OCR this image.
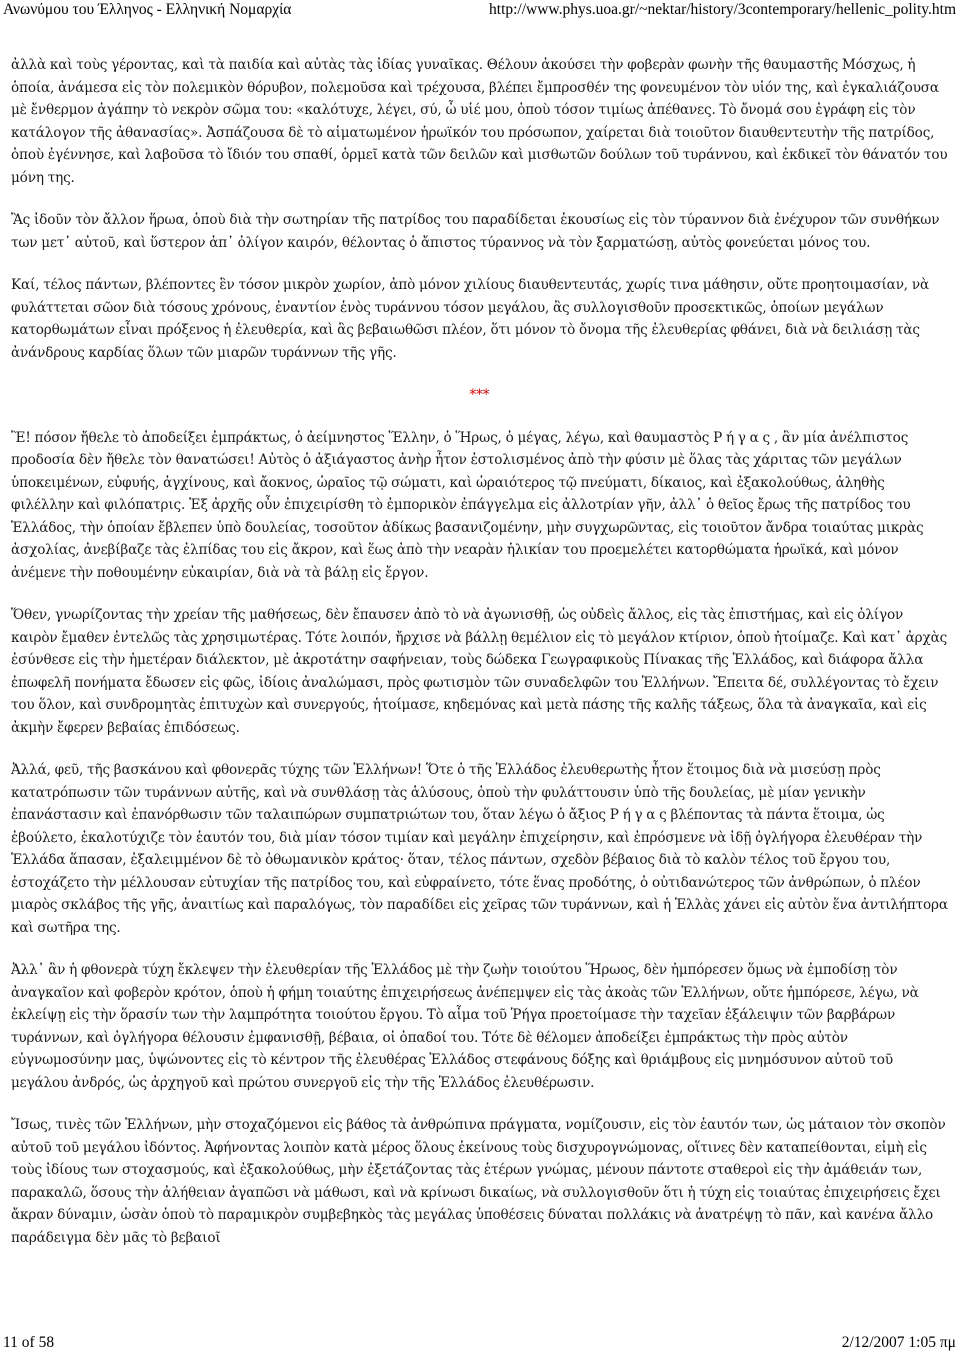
Ανωνύμου του Έλληνος - Ελληνική Νομαρχία	http://www.phys.uoa.gr/~nektar/history/3contemporary/hellenic_polity.htm

ἀλλὰ καὶ τοὺς γέροντας, καὶ τὰ παιδία καὶ αὐτὰς τὰς ἰδίας γυναῖκας. Θέλουν ἀκούσει τὴν φοβερὰν φωνὴν τῆς θαυμαστῆς Μόσχως, ἡ ὁποία, ἀνάμεσα εἰς τὸν πολεμικὸν θόρυβον, πολεμοῦσα καὶ τρέχουσα, βλέπει ἔμπροσθέν της φονευμένον τὸν υἱόν της, καὶ ἐγκαλιάζουσα μὲ ἔνθερμον ἀγάπην τὸ νεκρὸν σῶμα του: «καλότυχε, λέγει, σύ, ὦ υἱέ μου, ὁποὺ τόσον τιμίως ἀπέθανες. Τὸ ὄνομά σου ἐγράφη εἰς τὸν κατάλογον τῆς ἀθανασίας». Ἀσπάζουσα δὲ τὸ αἱματωμένον ἡρωϊκόν του πρόσωπον, χαίρεται διὰ τοιοῦτον διαυθεντευτὴν τῆς πατρίδος, ὁποὺ ἐγέννησε, καὶ λαβοῦσα τὸ ἴδιόν του σπαθί, ὁρμεῖ κατὰ τῶν δειλῶν καὶ μισθωτῶν δούλων τοῦ τυράννου, καὶ ἐκδικεῖ τὸν θάνατόν του μόνη της.

Ἂς ἰδοῦν τὸν ἄλλον ἥρωα, ὁποὺ διὰ τὴν σωτηρίαν τῆς πατρίδος του παραδίδεται ἑκουσίως εἰς τὸν τύραννον διὰ ἐνέχυρον τῶν συνθήκων των μετ᾽ αὐτοῦ, καὶ ὕστερον ἀπ᾽ ὀλίγον καιρόν, θέλοντας ὁ ἄπιστος τύραννος νὰ τὸν ξαρματώσῃ, αὐτὸς φονεύεται μόνος του.

Καί, τέλος πάντων, βλέποντες ἓν τόσον μικρὸν χωρίον, ἀπὸ μόνον χιλίους διαυθεντευτάς, χωρίς τινα μάθησιν, οὔτε προητοιμασίαν, νὰ φυλάττεται σῶον διὰ τόσους χρόνους, ἐναντίον ἑνὸς τυράννου τόσον μεγάλου, ἂς συλλογισθοῦν προσεκτικῶς, ὁποίων μεγάλων κατορθωμάτων εἶναι πρόξενος ἡ ἐλευθερία, καὶ ἂς βεβαιωθῶσι πλέον, ὅτι μόνον τὸ ὄνομα τῆς ἐλευθερίας φθάνει, διὰ νὰ δειλιάσῃ τὰς ἀνάνδρους καρδίας ὅλων τῶν μιαρῶν τυράννων τῆς γῆς.

***

Ἒ! πόσον ἤθελε τὸ ἀποδείξει ἐμπράκτως, ὁ ἀείμνηστος Ἕλλην, ὁ Ἥρως, ὁ μέγας, λέγω, καὶ θαυμαστὸς Ρ ή γ α ς , ἂν μία ἀνέλπιστος προδοσία δὲν ἤθελε τὸν θανατώσει! Αὐτὸς ὁ ἀξιάγαστος ἀνὴρ ἦτον ἐστολισμένος ἀπὸ τὴν φύσιν μὲ ὅλας τὰς χάριτας τῶν μεγάλων ὑποκειμένων, εὐφυής, ἀγχίνους, καὶ ἄοκνος, ὡραῖος τῷ σώματι, καὶ ὡραιότερος τῷ πνεύματι, δίκαιος, καὶ ἐξακολούθως, ἀληθὴς φιλέλλην καὶ φιλόπατρις. Ἐξ ἀρχῆς οὖν ἐπιχειρίσθη τὸ ἐμπορικὸν ἐπάγγελμα εἰς ἀλλοτρίαν γῆν, ἀλλ᾽ ὁ θεῖος ἔρως τῆς πατρίδος του Ἑλλάδος, τὴν ὁποίαν ἔβλεπεν ὑπὸ δουλείας, τοσοῦτον ἀδίκως βασανιζομένην, μὴν συγχωρῶντας, εἰς τοιοῦτον ἄνδρα τοιαύτας μικρὰς ἀσχολίας, ἀνεβίβαζε τὰς ἐλπίδας του εἰς ἄκρον, καὶ ἕως ἀπὸ τὴν νεαρὰν ἡλικίαν του προεμελέτει κατορθώματα ἡρωϊκά, καὶ μόνον ἀνέμενε τὴν ποθουμένην εὐκαιρίαν, διὰ νὰ τὰ βάλῃ εἰς ἔργον.

Ὅθεν, γνωρίζοντας τὴν χρείαν τῆς μαθήσεως, δὲν ἔπαυσεν ἀπὸ τὸ νὰ ἀγωνισθῇ, ὡς οὐδεὶς ἄλλος, εἰς τὰς ἐπιστήμας, καὶ εἰς ὀλίγον καιρὸν ἔμαθεν ἐντελῶς τὰς χρησιμωτέρας. Τότε λοιπόν, ἤρχισε νὰ βάλλῃ θεμέλιον εἰς τὸ μεγάλον κτίριον, ὁποὺ ἠτοίμαζε. Καὶ κατ᾽ ἀρχὰς ἐσύνθεσε εἰς τὴν ἡμετέραν διάλεκτον, μὲ ἀκροτάτην σαφήνειαν, τοὺς δώδεκα Γεωγραφικοὺς Πίνακας τῆς Ἑλλάδος, καὶ διάφορα ἄλλα ἐπωφελῆ πονήματα ἔδωσεν εἰς φῶς, ἰδίοις ἀναλώμασι, πρὸς φωτισμὸν τῶν συναδελφῶν του Ἑλλήνων. Ἔπειτα δέ, συλλέγοντας τὸ ἔχειν του ὅλον, καὶ συνδρομητὰς ἐπιτυχὼν καὶ συνεργούς, ἡτοίμασε, κηδεμόνας καὶ μετὰ πάσης τῆς καλῆς τάξεως, ὅλα τὰ ἀναγκαῖα, καὶ εἰς ἀκμὴν ἔφερεν βεβαίας ἐπιδόσεως.

Ἀλλά, φεῦ, τῆς βασκάνου καὶ φθονερᾶς τύχης τῶν Ἑλλήνων! Ὅτε ὁ τῆς Ἑλλάδος ἐλευθερωτὴς ἦτον ἕτοιμος διὰ νὰ μισεύσῃ πρὸς κατατρόπωσιν τῶν τυράννων αὐτῆς, καὶ νὰ συνθλάσῃ τὰς ἁλύσους, ὁποὺ τὴν φυλάττουσιν ὑπὸ τῆς δουλείας, μὲ μίαν γενικὴν ἐπανάστασιν καὶ ἐπανόρθωσιν τῶν ταλαιπώρων συμπατριώτων του, ὅταν λέγω ὁ ἄξιος Ρ ή γ α ς βλέποντας τὰ πάντα ἕτοιμα, ὡς ἐβούλετο, ἐκαλοτύχιζε τὸν ἑαυτόν του, διὰ μίαν τόσον τιμίαν καὶ μεγάλην ἐπιχείρησιν, καὶ ἐπρόσμενε νὰ ἰδῇ ὀγλήγορα ἐλευθέραν τὴν Ἑλλάδα ἅπασαν, ἐξαλειμμένον δὲ τὸ ὀθωμανικὸν κράτος· ὅταν, τέλος πάντων, σχεδὸν βέβαιος διὰ τὸ καλὸν τέλος τοῦ ἔργου του, ἐστοχάζετο τὴν μέλλουσαν εὐτυχίαν τῆς πατρίδος του, καὶ εὐφραίνετο, τότε ἕνας προδότης, ὁ οὐτιδανώτερος τῶν ἀνθρώπων, ὁ πλέον μιαρὸς σκλάβος τῆς γῆς, ἀναιτίως καὶ παραλόγως, τὸν παραδίδει εἰς χεῖρας τῶν τυράννων, καὶ ἡ Ἑλλὰς χάνει εἰς αὐτὸν ἕνα ἀντιλήπτορα καὶ σωτῆρα της.

Ἀλλ᾽ ἂν ἡ φθονερὰ τύχη ἔκλεψεν τὴν ἐλευθερίαν τῆς Ἑλλάδος μὲ τὴν ζωὴν τοιούτου Ἥρωος, δὲν ἠμπόρεσεν ὅμως νὰ ἐμποδίσῃ τὸν ἀναγκαῖον καὶ φοβερὸν κρότον, ὁποὺ ἡ φήμη τοιαύτης ἐπιχειρήσεως ἀνέπεμψεν εἰς τὰς ἀκοὰς τῶν Ἑλλήνων, οὔτε ἠμπόρεσε, λέγω, νὰ ἐκλείψῃ εἰς τὴν ὅρασίν των τὴν λαμπρότητα τοιούτου ἔργου. Τὸ αἷμα τοῦ Ῥήγα προετοίμασε τὴν ταχεῖαν ἐξάλειψιν τῶν βαρβάρων τυράννων, καὶ ὀγλήγορα θέλουσιν ἐμφανισθῇ, βέβαια, οἱ ὀπαδοί του. Τότε δὲ θέλομεν ἀποδείξει ἐμπράκτως τὴν πρὸς αὐτὸν εὐγνωμοσύνην μας, ὑψώνοντες εἰς τὸ κέντρον τῆς ἐλευθέρας Ἑλλάδος στεφάνους δόξης καὶ θριάμβους εἰς μνημόσυνον αὐτοῦ τοῦ μεγάλου ἀνδρός, ὡς ἀρχηγοῦ καὶ πρώτου συνεργοῦ εἰς τὴν τῆς Ἑλλάδος ἐλευθέρωσιν.

Ἴσως, τινὲς τῶν Ἑλλήνων, μὴν στοχαζόμενοι εἰς βάθος τὰ ἀνθρώπινα πράγματα, νομίζουσιν, εἰς τὸν ἑαυτόν των, ὡς μάταιον τὸν σκοπὸν αὐτοῦ τοῦ μεγάλου ἰδόντος. Ἀφήνοντας λοιπὸν κατὰ μέρος ὅλους ἐκείνους τοὺς δισχυρογνώμονας, οἵτινες δὲν καταπείθονται, εἰμὴ εἰς τοὺς ἰδίους των στοχασμούς, καὶ ἐξακολούθως, μὴν ἐξετάζοντας τὰς ἑτέρων γνώμας, μένουν πάντοτε σταθεροὶ εἰς τὴν ἀμάθειάν των, παρακαλῶ, ὅσους τὴν ἀλήθειαν ἀγαπῶσι νὰ μάθωσι, καὶ νὰ κρίνωσι δικαίως, νὰ συλλογισθοῦν ὅτι ἡ τύχη εἰς τοιαύτας ἐπιχειρήσεις ἔχει ἄκραν δύναμιν, ὡσὰν ὁποὺ τὸ παραμικρὸν συμβεβηκὸς τὰς μεγάλας ὑποθέσεις δύναται πολλάκις νὰ ἀνατρέψῃ τὸ πᾶν, καὶ κανένα ἄλλο παράδειγμα δὲν μᾶς τὸ βεβαιοῖ

11 of 58	2/12/2007 1:05 πμ
